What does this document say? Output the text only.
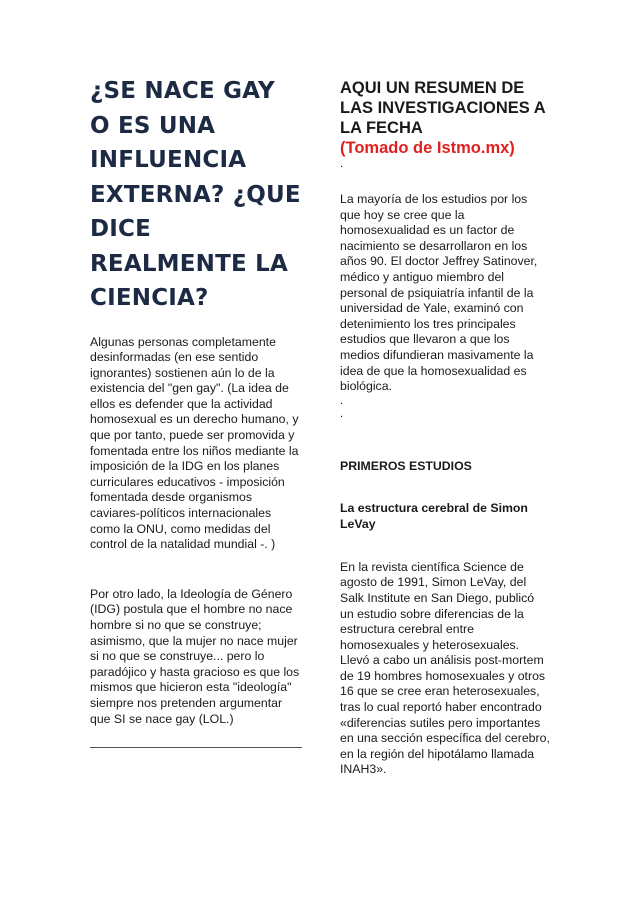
¿SE NACE GAY O ES UNA INFLUENCIA EXTERNA? ¿QUE DICE REALMENTE LA CIENCIA?

Algunas personas completamente desinformadas (en ese sentido ignorantes) sostienen aún lo de la existencia del "gen gay". (La idea de ellos es defender que la actividad homosexual es un derecho humano, y que por tanto, puede ser promovida y fomentada entre los niños mediante la imposición de la IDG en los planes curriculares educativos - imposición fomentada desde organismos caviares-políticos internacionales como la ONU, como medidas del control de la natalidad mundial -. )

Por otro lado, la Ideología de Género (IDG) postula que el hombre no nace hombre si no que se construye; asimismo, que la mujer no nace mujer si no que se construye... pero lo paradójico y hasta gracioso es que los mismos que hicieron esta "ideología" siempre nos pretenden argumentar que SI se nace gay (LOL.)

AQUI UN RESUMEN DE LAS INVESTIGACIONES A LA FECHA

(Tomado de Istmo.mx)

.

La mayoría de los estudios por los que hoy se cree que la homosexualidad es un factor de nacimiento se desarrollaron en los años 90. El doctor Jeffrey Satinover, médico y antiguo miembro del personal de psiquiatría infantil de la universidad de Yale, examinó con detenimiento los tres principales estudios que llevaron a que los medios difundieran masivamente la idea de que la homosexualidad es biológica.

.

.

PRIMEROS ESTUDIOS

La estructura cerebral de Simon LeVay

En la revista científica Science de agosto de 1991, Simon LeVay, del Salk Institute en San Diego, publicó un estudio sobre diferencias de la estructura cerebral entre homosexuales y heterosexuales. Llevó a cabo un análisis post-mortem de 19 hombres homosexuales y otros 16 que se cree eran heterosexuales, tras lo cual reportó haber encontrado «diferencias sutiles pero importantes en una sección específica del cerebro, en la región del hipotálamo llamada INAH3».
